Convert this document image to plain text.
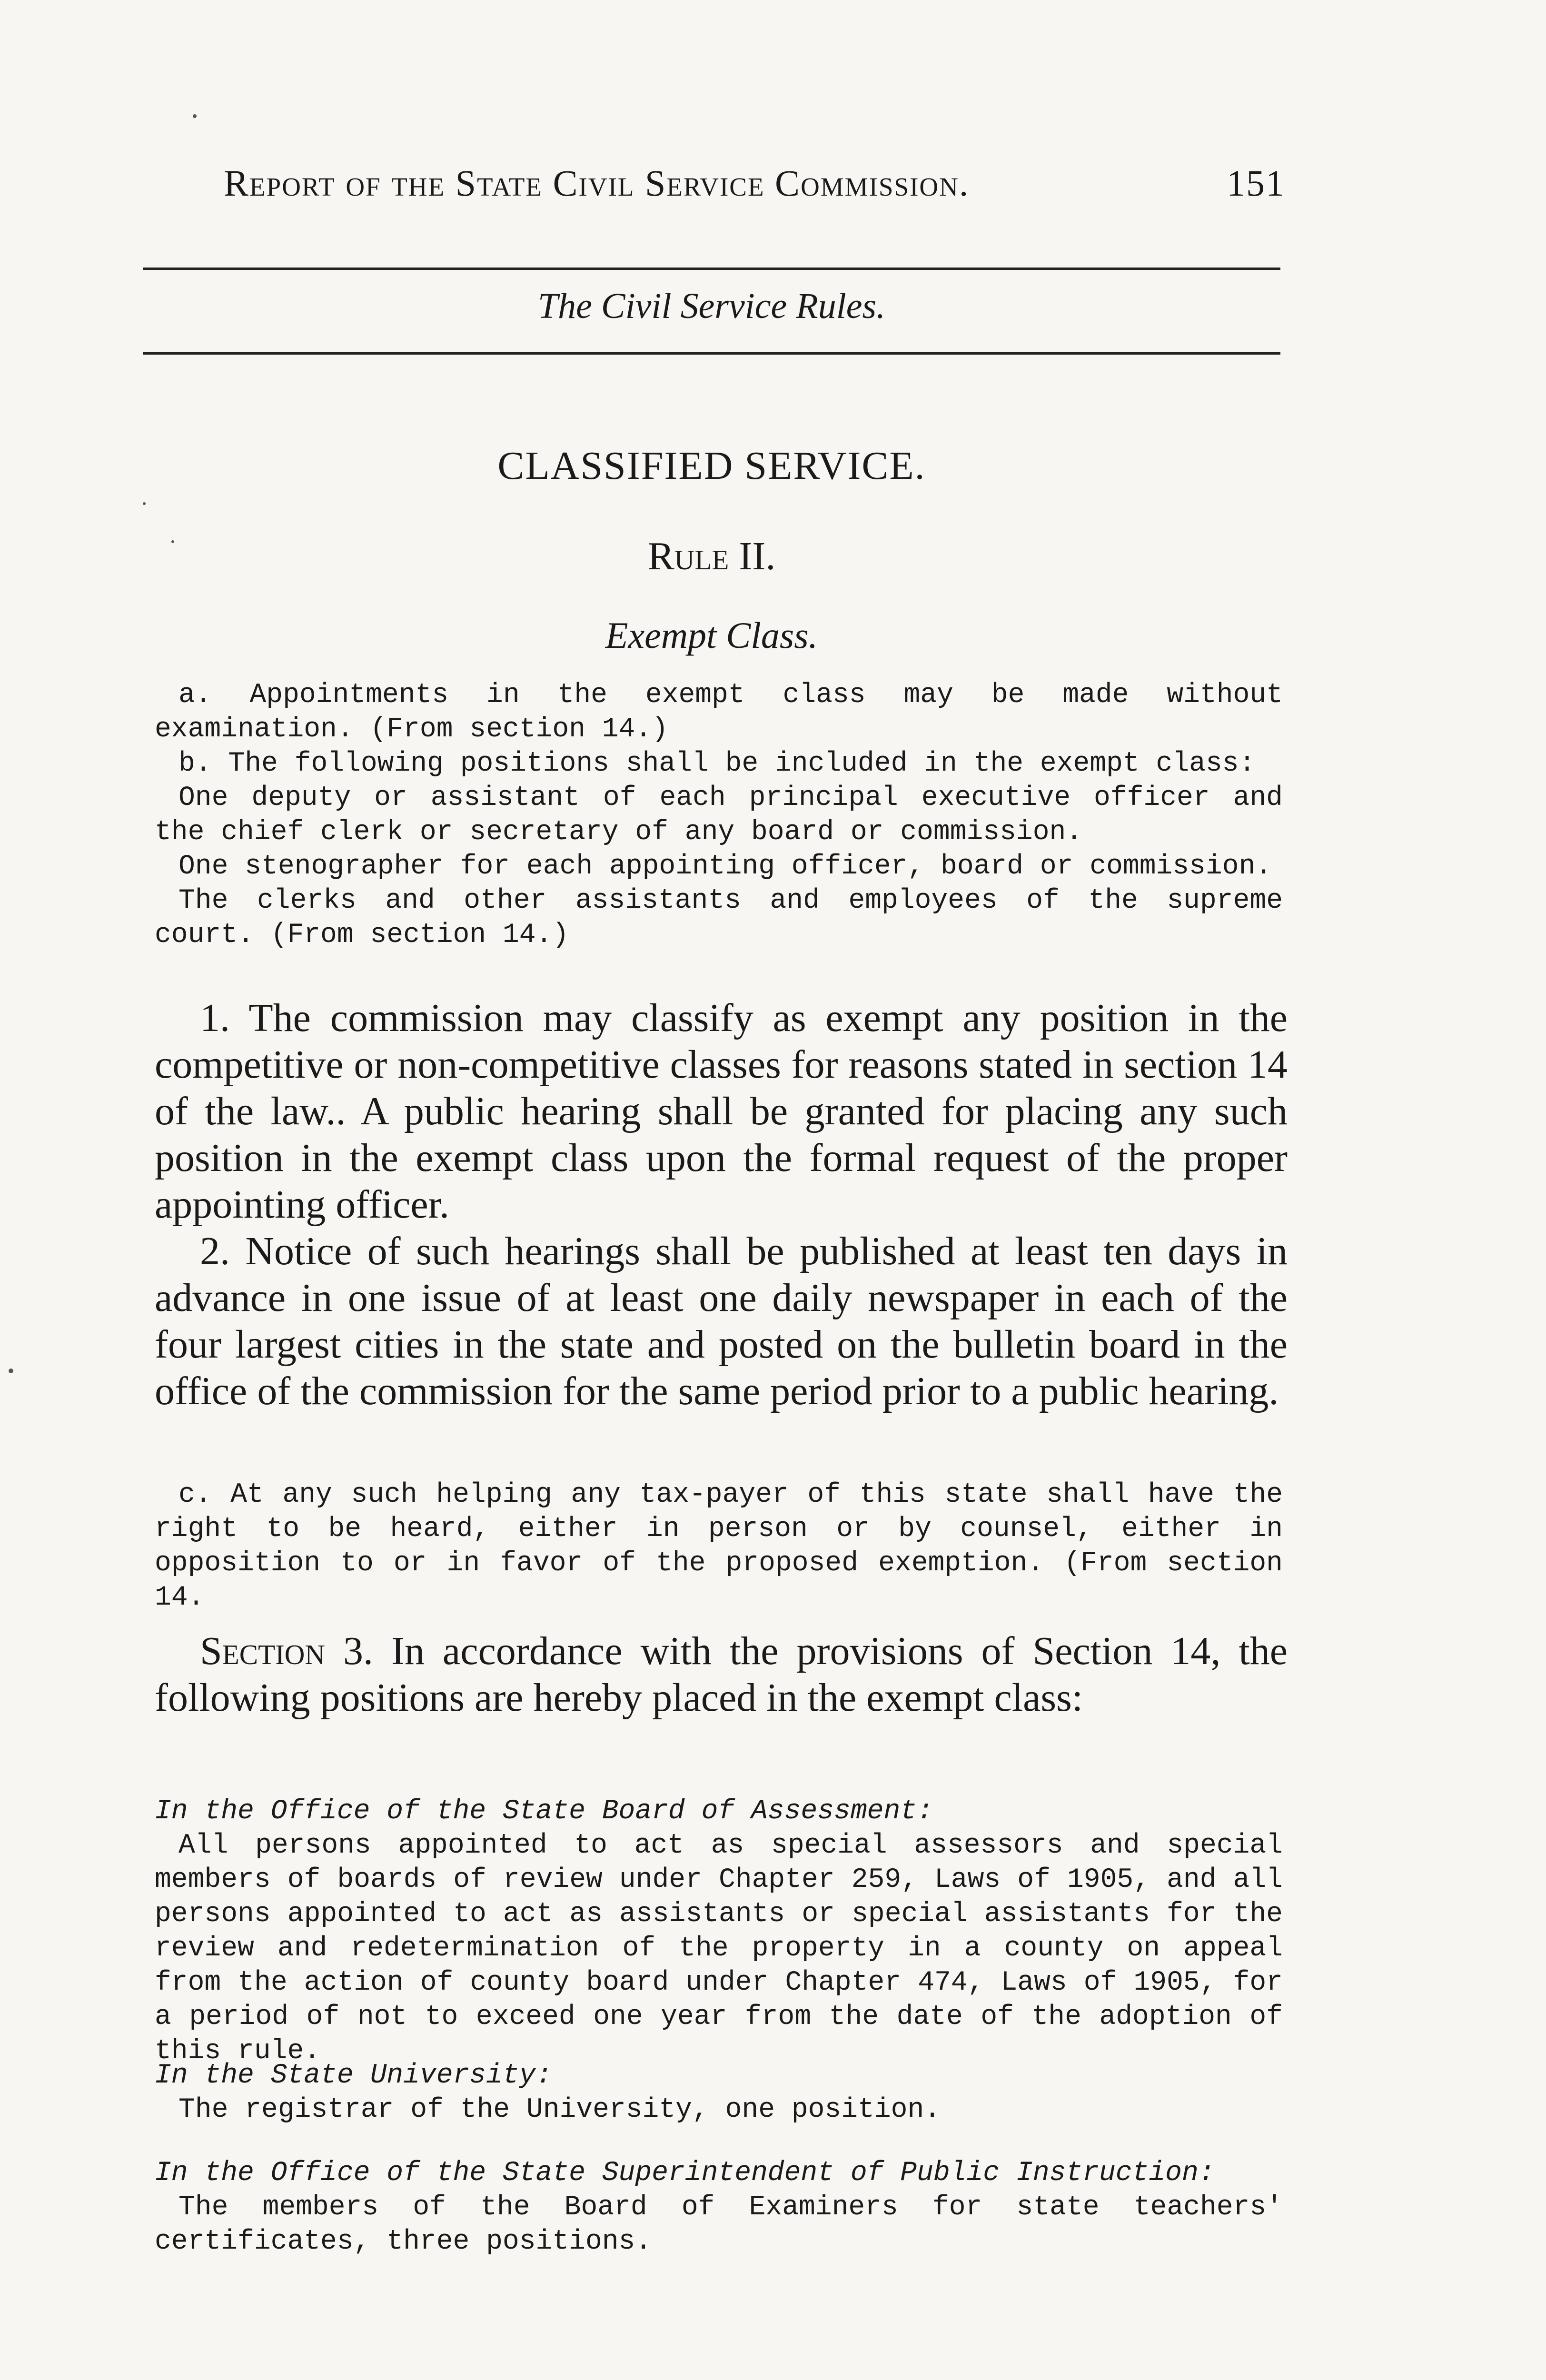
Report of the State Civil Service Commission.	151
The Civil Service Rules.
CLASSIFIED SERVICE.
Rule II.
Exempt Class.

a. Appointments in the exempt class may be made without examination. (From section 14.)

b. The following positions shall be included in the exempt class:

One deputy or assistant of each principal executive officer and the chief clerk or secretary of any board or commission.

One stenographer for each appointing officer, board or commission.

The clerks and other assistants and employees of the supreme court. (From section 14.)

1. The commission may classify as exempt any position in the competitive or non-competitive classes for reasons stated in section 14 of the law.. A public hearing shall be granted for placing any such position in the exempt class upon the formal request of the proper appointing officer.

2. Notice of such hearings shall be published at least ten days in advance in one issue of at least one daily newspaper in each of the four largest cities in the state and posted on the bulletin board in the office of the commission for the same period prior to a public hearing.

c. At any such helping any tax-payer of this state shall have the right to be heard, either in person or by counsel, either in opposition to or in favor of the proposed exemption. (From section 14.

Section 3. In accordance with the provisions of Section 14, the following positions are hereby placed in the exempt class:

In the Office of the State Board of Assessment:

All persons appointed to act as special assessors and special members of boards of review under Chapter 259, Laws of 1905, and all persons appointed to act as assistants or special assistants for the review and redetermination of the property in a county on appeal from the action of county board under Chapter 474, Laws of 1905, for a period of not to exceed one year from the date of the adoption of this rule.

In the State University:

The registrar of the University, one position.

In the Office of the State Superintendent of Public Instruction:

The members of the Board of Examiners for state teachers' certificates, three positions.
